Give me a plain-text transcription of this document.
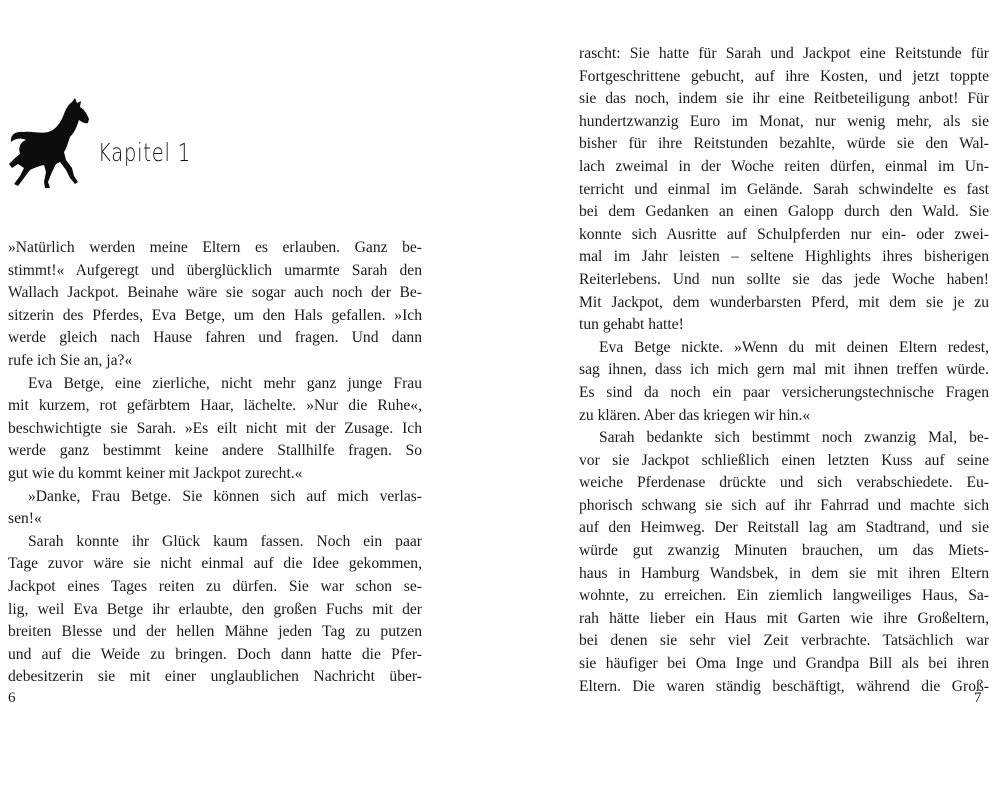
Kapitel 1
»Natürlich werden meine Eltern es erlauben. Ganz be-
stimmt!« Aufgeregt und überglücklich umarmte Sarah den
Wallach Jackpot. Beinahe wäre sie sogar auch noch der Be-
sitzerin des Pferdes, Eva Betge, um den Hals gefallen. »Ich
werde gleich nach Hause fahren und fragen. Und dann
rufe ich Sie an, ja?«
Eva Betge, eine zierliche, nicht mehr ganz junge Frau
mit kurzem, rot gefärbtem Haar, lächelte. »Nur die Ruhe«,
beschwichtigte sie Sarah. »Es eilt nicht mit der Zusage. Ich
werde ganz bestimmt keine andere Stallhilfe fragen. So
gut wie du kommt keiner mit Jackpot zurecht.«
»Danke, Frau Betge. Sie können sich auf mich verlas-
sen!«
Sarah konnte ihr Glück kaum fassen. Noch ein paar
Tage zuvor wäre sie nicht einmal auf die Idee gekommen,
Jackpot eines Tages reiten zu dürfen. Sie war schon se-
lig, weil Eva Betge ihr erlaubte, den großen Fuchs mit der
breiten Blesse und der hellen Mähne jeden Tag zu putzen
und auf die Weide zu bringen. Doch dann hatte die Pfer-
debesitzerin sie mit einer unglaublichen Nachricht über-
6
rascht: Sie hatte für Sarah und Jackpot eine Reitstunde für
Fortgeschrittene gebucht, auf ihre Kosten, und jetzt toppte
sie das noch, indem sie ihr eine Reitbeteiligung anbot! Für
hundertzwanzig Euro im Monat, nur wenig mehr, als sie
bisher für ihre Reitstunden bezahlte, würde sie den Wal-
lach zweimal in der Woche reiten dürfen, einmal im Un-
terricht und einmal im Gelände. Sarah schwindelte es fast
bei dem Gedanken an einen Galopp durch den Wald. Sie
konnte sich Ausritte auf Schulpferden nur ein- oder zwei-
mal im Jahr leisten – seltene Highlights ihres bisherigen
Reiterlebens. Und nun sollte sie das jede Woche haben!
Mit Jackpot, dem wunderbarsten Pferd, mit dem sie je zu
tun gehabt hatte!
Eva Betge nickte. »Wenn du mit deinen Eltern redest,
sag ihnen, dass ich mich gern mal mit ihnen treffen würde.
Es sind da noch ein paar versicherungstechnische Fragen
zu klären. Aber das kriegen wir hin.«
Sarah bedankte sich bestimmt noch zwanzig Mal, be-
vor sie Jackpot schließlich einen letzten Kuss auf seine
weiche Pferdenase drückte und sich verabschiedete. Eu-
phorisch schwang sie sich auf ihr Fahrrad und machte sich
auf den Heimweg. Der Reitstall lag am Stadtrand, und sie
würde gut zwanzig Minuten brauchen, um das Miets-
haus in Hamburg Wandsbek, in dem sie mit ihren Eltern
wohnte, zu erreichen. Ein ziemlich langweiliges Haus, Sa-
rah hätte lieber ein Haus mit Garten wie ihre Großeltern,
bei denen sie sehr viel Zeit verbrachte. Tatsächlich war
sie häufiger bei Oma Inge und Grandpa Bill als bei ihren
Eltern. Die waren ständig beschäftigt, während die Groß-
7
